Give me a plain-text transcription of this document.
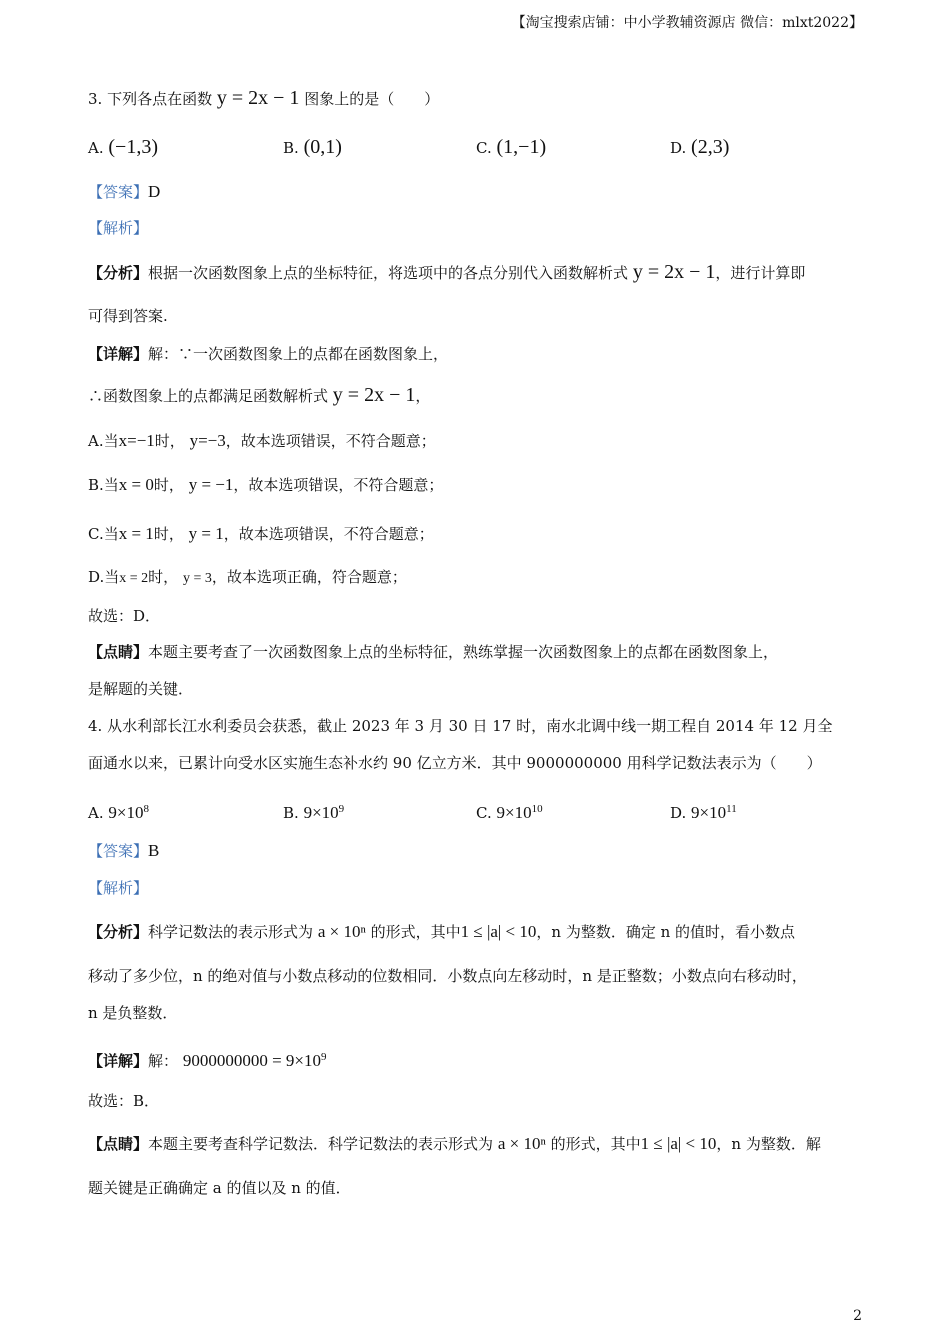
【淘宝搜索店铺：中小学教辅资源店 微信：mlxt2022】
3. 下列各点在函数 y = 2x − 1 图象上的是（　　）
A. (−1,3)	B. (0,1)	C. (1,−1)	D. (2,3)
【答案】D
【解析】
【分析】根据一次函数图象上点的坐标特征，将选项中的各点分别代入函数解析式 y = 2x − 1，进行计算即
可得到答案.
【详解】解：∵一次函数图象上的点都在函数图象上，
∴函数图象上的点都满足函数解析式 y = 2x − 1，
A.当x=−1时， y=−3，故本选项错误，不符合题意；
B.当x = 0时， y = −1，故本选项错误，不符合题意；
C.当x = 1时， y = 1，故本选项错误，不符合题意；
D.当x = 2时， y = 3，故本选项正确，符合题意；
故选：D．
【点睛】本题主要考查了一次函数图象上点的坐标特征，熟练掌握一次函数图象上的点都在函数图象上，
是解题的关键．
4. 从水利部长江水利委员会获悉，截止 2023 年 3 月 30 日 17 时，南水北调中线一期工程自 2014 年 12 月全
面通水以来，已累计向受水区实施生态补水约 90 亿立方米．其中 9000000000 用科学记数法表示为（　　）
A. $9\times 10^8$	B. $9\times 10^9$	C. $9\times 10^{10}$	D. $9\times 10^{11}$
【答案】B
【解析】
【分析】科学记数法的表示形式为 a × 10ⁿ 的形式，其中1 ≤ |a| < 10，n 为整数．确定 n 的值时，看小数点
移动了多少位，n 的绝对值与小数点移动的位数相同．小数点向左移动时，n 是正整数；小数点向右移动时，
n 是负整数．
【详解】解： $9000000000 = 9\times 10^9$
故选：B．
【点睛】本题主要考查科学记数法．科学记数法的表示形式为 a × 10ⁿ 的形式，其中1 ≤ |a| < 10，n 为整数．解
题关键是正确确定 a 的值以及 n 的值．
2
